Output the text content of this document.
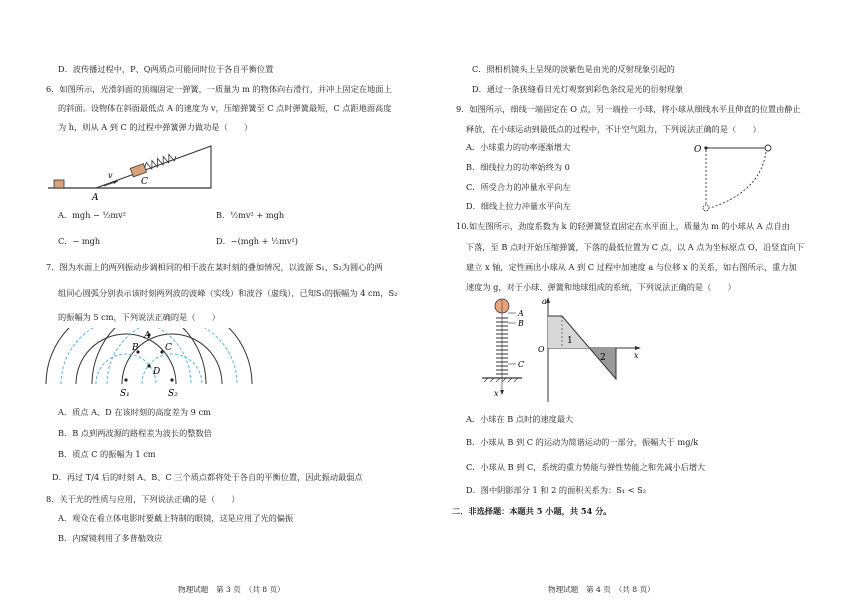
D．波传播过程中，P、Q两质点可能同时位于各自平衡位置
6．如图所示，光滑斜面的顶端固定一弹簧，一质量为 m 的物体向右滑行，并冲上固定在地面上
的斜面。设物体在斜面最低点 A 的速度为 v，压缩弹簧至 C 点时弹簧最短，C 点距地面高度
为 h，则从 A 到 C 的过程中弹簧弹力做功是（　　）
v
A
C
A．mgh − ½mv²	B．½mv² + mgh
C．− mgh	D．−(mgh + ½mv²)
7．图为水面上的两列振动步调相同的相干波在某时刻的叠加情况，以波源 S₁、S₂为圆心的两
组同心圆弧分别表示该时刻两列波的波峰（实线）和波谷（虚线），已知S₁的振幅为 4 cm，S₂
的振幅为 5 cm，下列说法正确的是（　　）
A
B	C
D
S₁	S₂
A．质点 A、D 在该时刻的高度差为 9 cm
B．B 点到两波源的路程差为波长的整数倍
B．质点 C 的振幅为 1 cm
D．再过 T/4 后的时刻 A、B、C 三个质点都将处于各自的平衡位置，因此振动最弱点
8．关于光的性质与应用，下列说法正确的是（　　）
A．观众在看立体电影时要戴上特制的眼镜，这是应用了光的偏振
B．内窥镜利用了多普勒效应
物理试题　第 3 页　（共 8 页）
C．照相机镜头上呈现的淡紫色是由光的反射现象引起的
D．通过一条狭缝看日光灯观察到彩色条纹是光的衍射现象
9．如图所示，细线一端固定在 O 点，另一端拴一小球，将小球从细线水平且伸直的位置由静止
释放，在小球运动到最低点的过程中，不计空气阻力，下列说法正确的是（　　）
A．小球重力的功率逐渐增大
B．细线拉力的功率始终为 0
C．所受合力的冲量水平向左
D．细线上拉力冲量水平向左
O
10.如左图所示，劲度系数为 k 的轻弹簧竖直固定在水平面上，质量为 m 的小球从 A 点自由
下落，至 B 点时开始压缩弹簧，下落的最低位置为 C 点，以 A 点为坐标原点 O，沿竖直向下
建立 x 轴，定性画出小球从 A 到 C 过程中加速度 a 与位移 x 的关系，如右图所示，重力加
速度为 g，对于小球、弹簧和地球组成的系统，下列说法正确的是（　　）
A
B
C
x
O
a
x
1
2
A．小球在 B 点时的速度最大
B．小球从 B 到 C 的运动为简谐运动的一部分，振幅大于 mg/k
C．小球从 B 到 C，系统的重力势能与弹性势能之和先减小后增大
D．图中阴影部分 1 和 2 的面积关系为：S₁ < S₂
二．非选择题：本题共 5 小题，共 54 分。
物理试题　第 4 页　（共 8 页）
